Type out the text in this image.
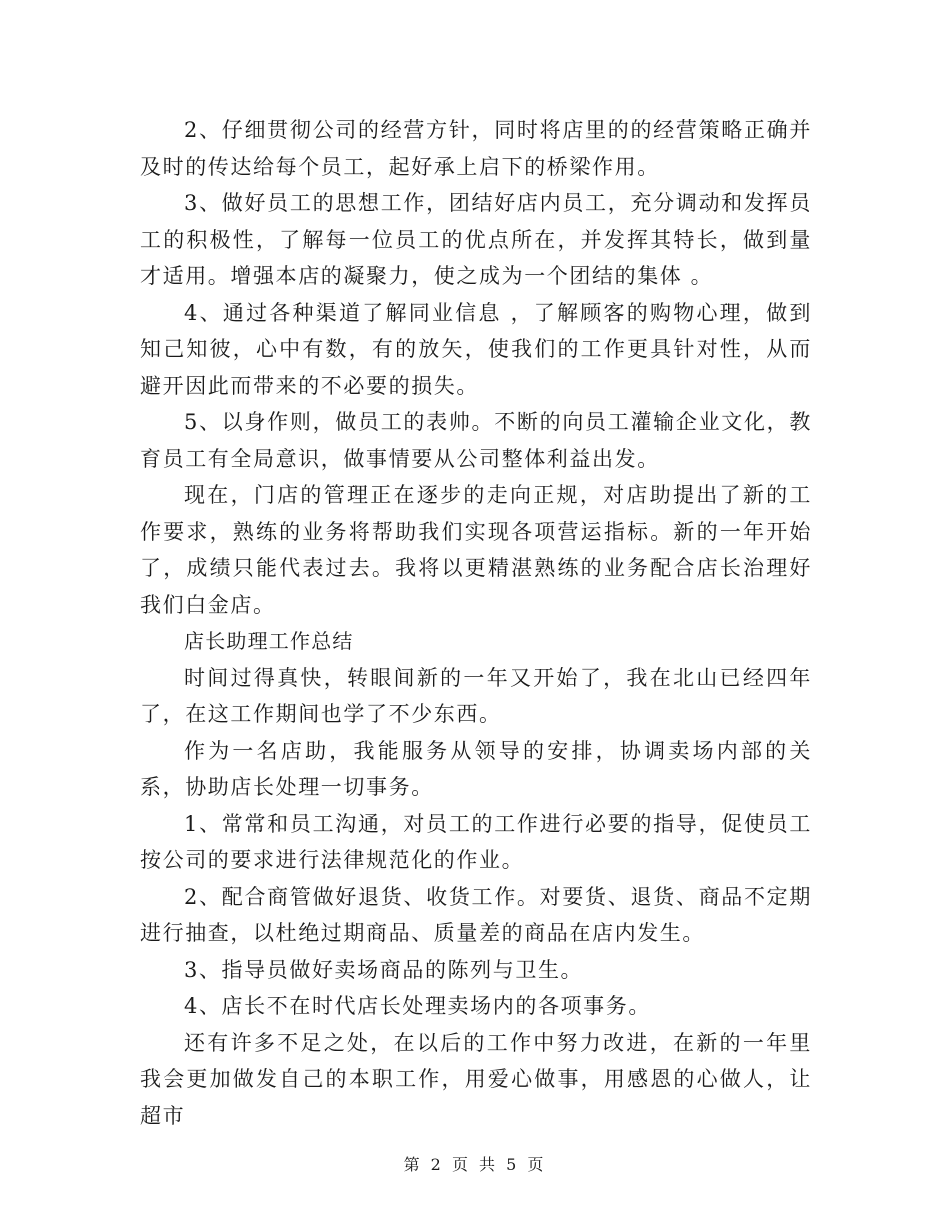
2、仔细贯彻公司的经营方针，同时将店里的的经营策略正确并及时的传达给每个员工，起好承上启下的桥梁作用。

3、做好员工的思想工作，团结好店内员工，充分调动和发挥员工的积极性，了解每一位员工的优点所在，并发挥其特长，做到量才适用。增强本店的凝聚力，使之成为一个团结的集体 。

4、通过各种渠道了解同业信息 ，了解顾客的购物心理，做到知己知彼，心中有数，有的放矢，使我们的工作更具针对性，从而避开因此而带来的不必要的损失。

5、以身作则，做员工的表帅。不断的向员工灌输企业文化，教育员工有全局意识，做事情要从公司整体利益出发。

现在，门店的管理正在逐步的走向正规，对店助提出了新的工作要求，熟练的业务将帮助我们实现各项营运指标。新的一年开始了，成绩只能代表过去。我将以更精湛熟练的业务配合店长治理好我们白金店。

店长助理工作总结

时间过得真快，转眼间新的一年又开始了，我在北山已经四年了，在这工作期间也学了不少东西。

作为一名店助，我能服务从领导的安排，协调卖场内部的关系，协助店长处理一切事务。

1、常常和员工沟通，对员工的工作进行必要的指导，促使员工按公司的要求进行法律规范化的作业。

2、配合商管做好退货、收货工作。对要货、退货、商品不定期进行抽查，以杜绝过期商品、质量差的商品在店内发生。

3、指导员做好卖场商品的陈列与卫生。

4、店长不在时代店长处理卖场内的各项事务。

还有许多不足之处，在以后的工作中努力改进，在新的一年里我会更加做发自己的本职工作，用爱心做事，用感恩的心做人，让超市

第 2 页 共 5 页
